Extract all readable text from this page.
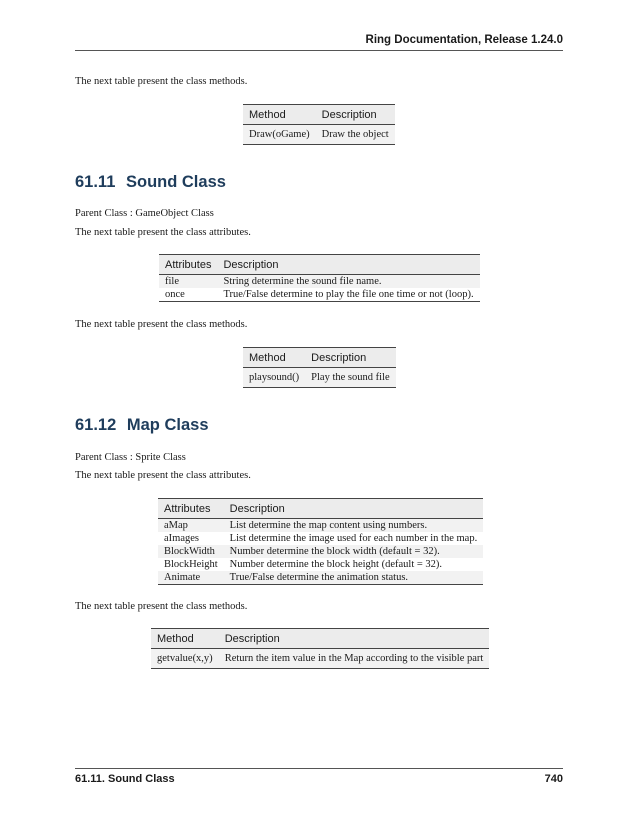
Ring Documentation, Release 1.24.0

The next table present the class methods.

Method	Description
Draw(oGame)	Draw the object
61.11 Sound Class

Parent Class : GameObject Class

The next table present the class attributes.

Attributes	Description
file	String determine the sound file name.
once	True/False determine to play the file one time or not (loop).

The next table present the class methods.

Method	Description
playsound()	Play the sound file
61.12 Map Class

Parent Class : Sprite Class

The next table present the class attributes.

Attributes	Description
aMap	List determine the map content using numbers.
aImages	List determine the image used for each number in the map.
BlockWidth	Number determine the block width (default = 32).
BlockHeight	Number determine the block height (default = 32).
Animate	True/False determine the animation status.

The next table present the class methods.

Method	Description
getvalue(x,y)	Return the item value in the Map according to the visible part
61.11. Sound Class	740
